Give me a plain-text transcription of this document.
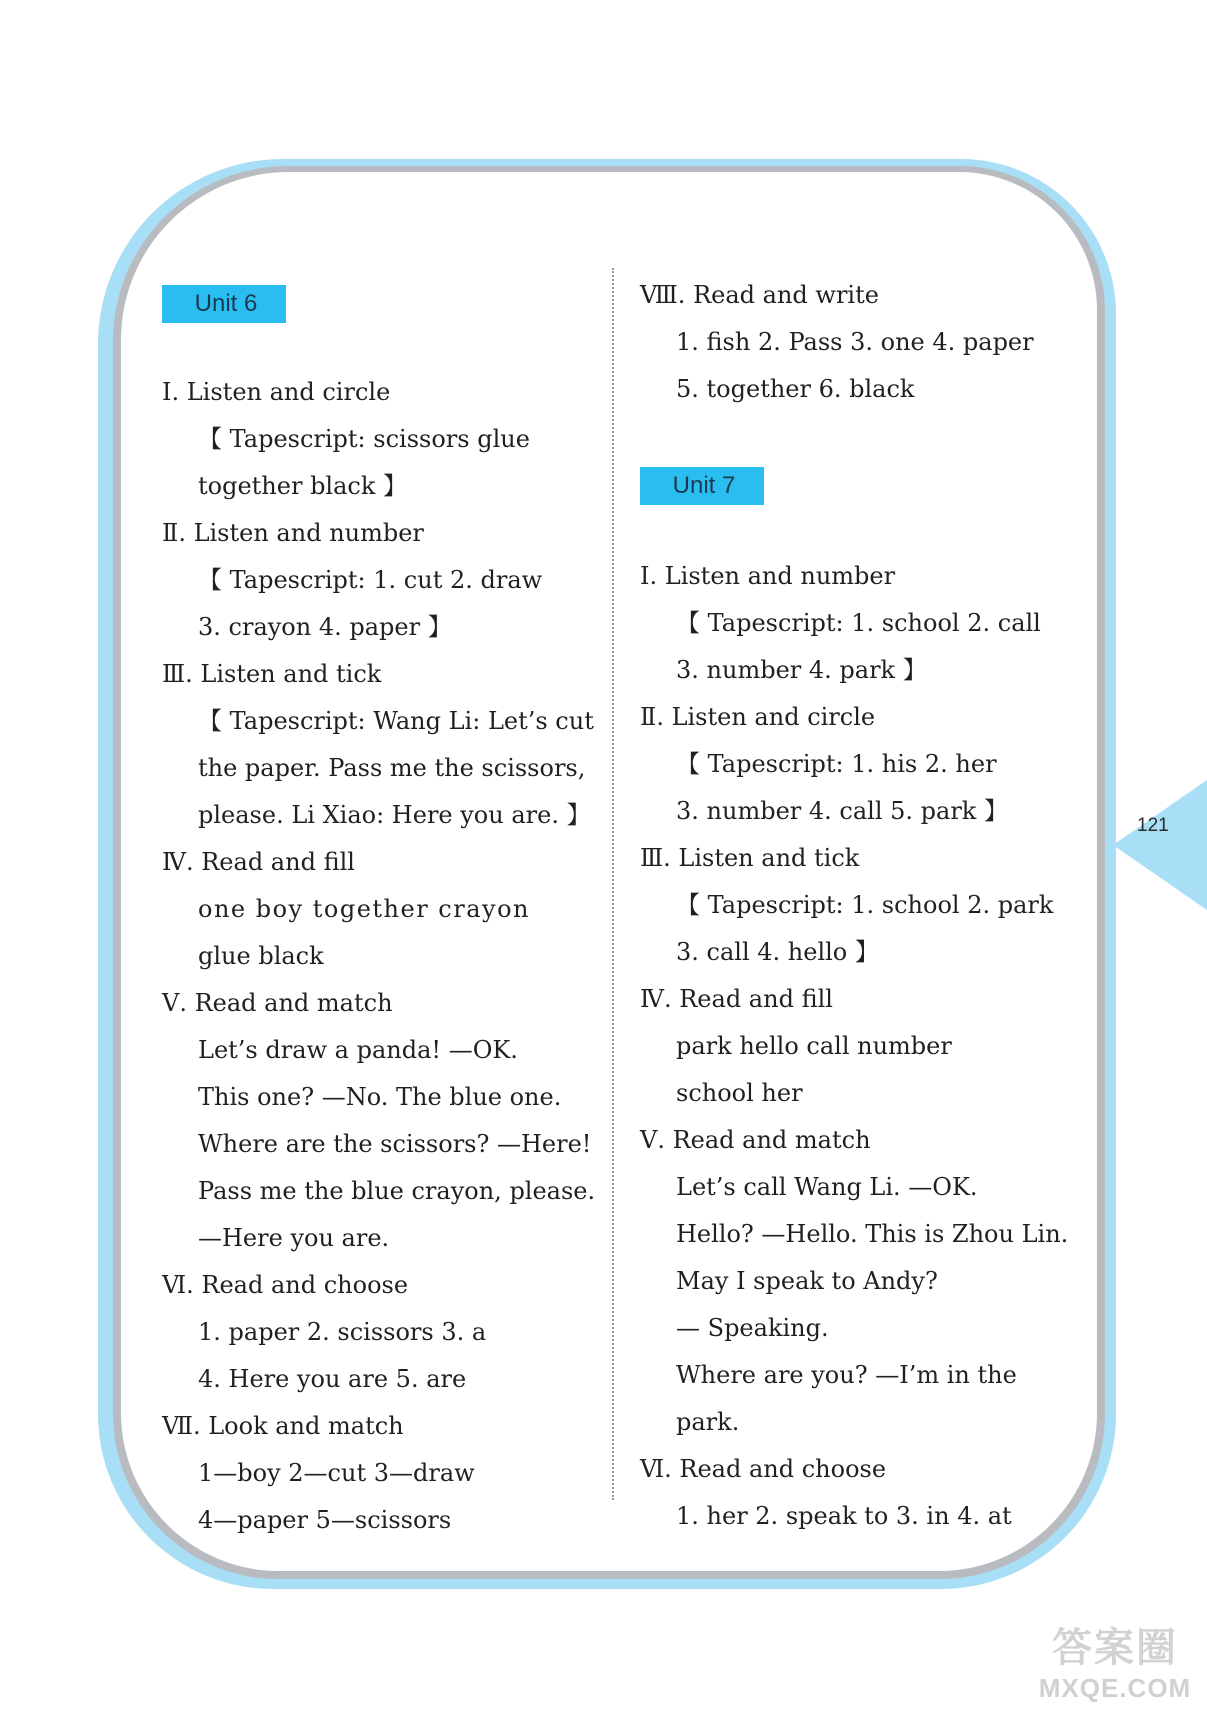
121
Unit 6
Ⅰ. Listen and circle
【 Tapescript: scissors glue
together black 】
Ⅱ. Listen and number
【 Tapescript: 1. cut 2. draw
3. crayon 4. paper 】
Ⅲ. Listen and tick
【 Tapescript: Wang Li: Let’s cut
the paper. Pass me the scissors,
please. Li Xiao: Here you are. 】
Ⅳ. Read and fill
one boy together crayon
glue black
Ⅴ. Read and match
Let’s draw a panda! —OK.
This one? —No. The blue one.
Where are the scissors? —Here!
Pass me the blue crayon, please.
—Here you are.
Ⅵ. Read and choose
1. paper 2. scissors 3. a
4. Here you are 5. are
Ⅶ. Look and match
1—boy 2—cut 3—draw
4—paper 5—scissors
Ⅷ. Read and write
1. fish 2. Pass 3. one 4. paper
5. together 6. black
Unit 7
Ⅰ. Listen and number
【 Tapescript: 1. school 2. call
3. number 4. park 】
Ⅱ. Listen and circle
【 Tapescript: 1. his 2. her
3. number 4. call 5. park 】
Ⅲ. Listen and tick
【 Tapescript: 1. school 2. park
3. call 4. hello 】
Ⅳ. Read and fill
park hello call number
school her
Ⅴ. Read and match
Let’s call Wang Li. —OK.
Hello? —Hello. This is Zhou Lin.
May I speak to Andy?
— Speaking.
Where are you? —I’m in the
park.
Ⅵ. Read and choose
1. her 2. speak to 3. in 4. at
答案圈
MXQE.COM
